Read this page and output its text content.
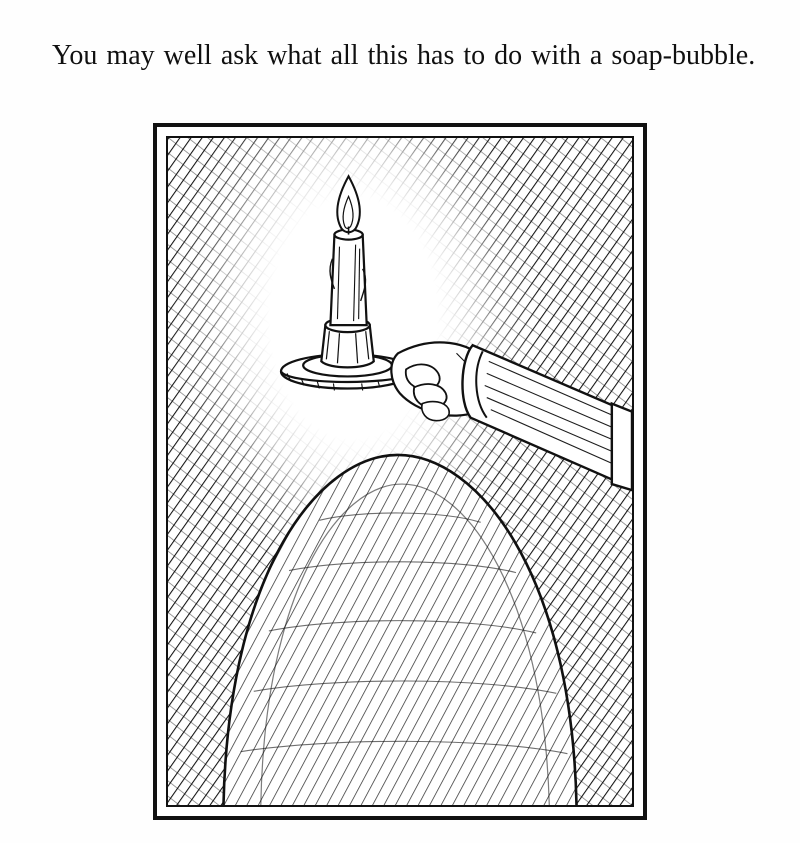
You may well ask what all this has to do with a soap-bubble.
